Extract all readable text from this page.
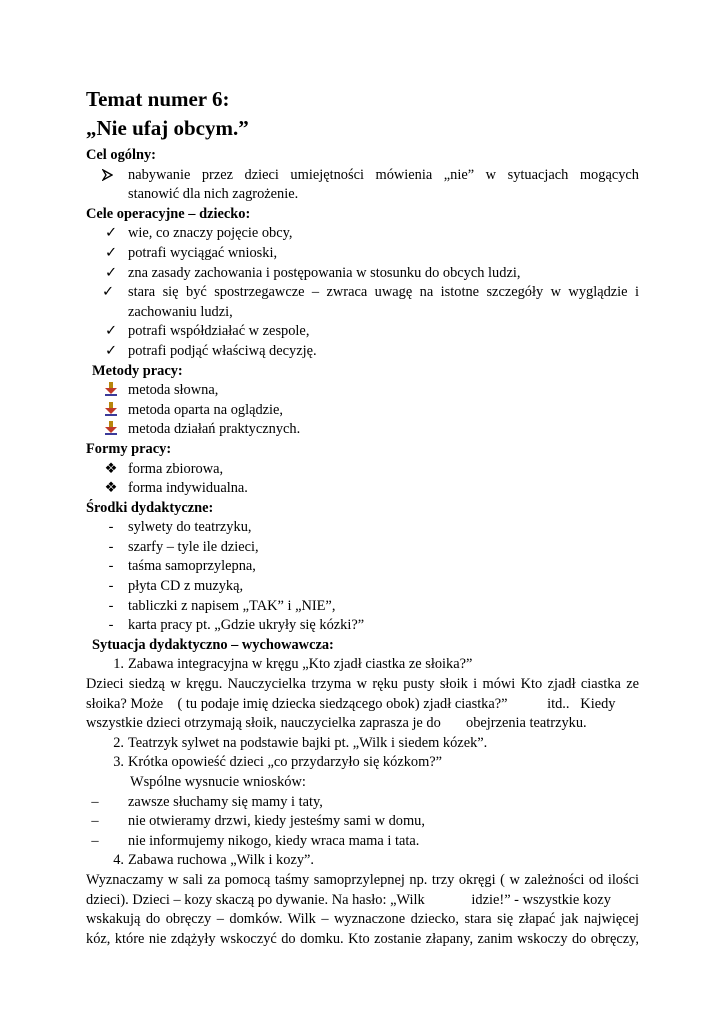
Temat numer 6:
„Nie ufaj obcym.”
Cel ogólny:
nabywanie przez dzieci umiejętności mówienia „nie” w sytuacjach mogących
stanowić dla nich zagrożenie.
Cele operacyjne – dziecko:
✓ wie, co znaczy pojęcie obcy,
✓ potrafi wyciągać wnioski,
✓ zna zasady zachowania i postępowania w stosunku do obcych ludzi,
✓ stara się być spostrzegawcze – zwraca uwagę na istotne szczegóły w wyglądzie i
zachowaniu ludzi,
✓ potrafi współdziałać w zespole,
✓ potrafi podjąć właściwą decyzję.
Metody pracy:
metoda słowna,
metoda oparta na oglądzie,
metoda działań praktycznych.
Formy pracy:
❖ forma zbiorowa,
❖ forma indywidualna.
Środki dydaktyczne:
-	sylwety do teatrzyku,
-	szarfy – tyle ile dzieci,
-	taśma samoprzylepna,
-	płyta CD z muzyką,
-	tabliczki z napisem „TAK” i „NIE”,
-	karta pracy pt. „Gdzie ukryły się kózki?”
Sytuacja dydaktyczno – wychowawcza:
1. Zabawa integracyjna w kręgu „Kto zjadł ciastka ze słoika?”
Dzieci siedzą w kręgu. Nauczycielka trzyma w ręku pusty słoik i mówi Kto zjadł ciastka ze
słoika? Może    ( tu podaje imię dziecka siedzącego obok) zjadł ciastka?”           itd..   Kiedy
wszystkie dzieci otrzymają słoik, nauczycielka zaprasza je do       obejrzenia teatrzyku.
2. Teatrzyk sylwet na podstawie bajki pt. „Wilk i siedem kózek”.
3. Krótka opowieść dzieci „co przydarzyło się kózkom?”
Wspólne wysnucie wniosków:
–	zawsze słuchamy się mamy i taty,
–	nie otwieramy drzwi, kiedy jesteśmy sami w domu,
–	nie informujemy nikogo, kiedy wraca mama i tata.
4. Zabawa ruchowa „Wilk i kozy”.
Wyznaczamy w sali za pomocą taśmy samoprzylepnej np. trzy okręgi ( w zależności od ilości
dzieci). Dzieci – kozy skaczą po dywanie. Na hasło: „Wilk             idzie!” - wszystkie kozy
wskakują do obręczy – domków. Wilk – wyznaczone dziecko, stara się złapać jak najwięcej
kóz, które nie zdążyły wskoczyć do domku. Kto zostanie złapany, zanim wskoczy do obręczy,
